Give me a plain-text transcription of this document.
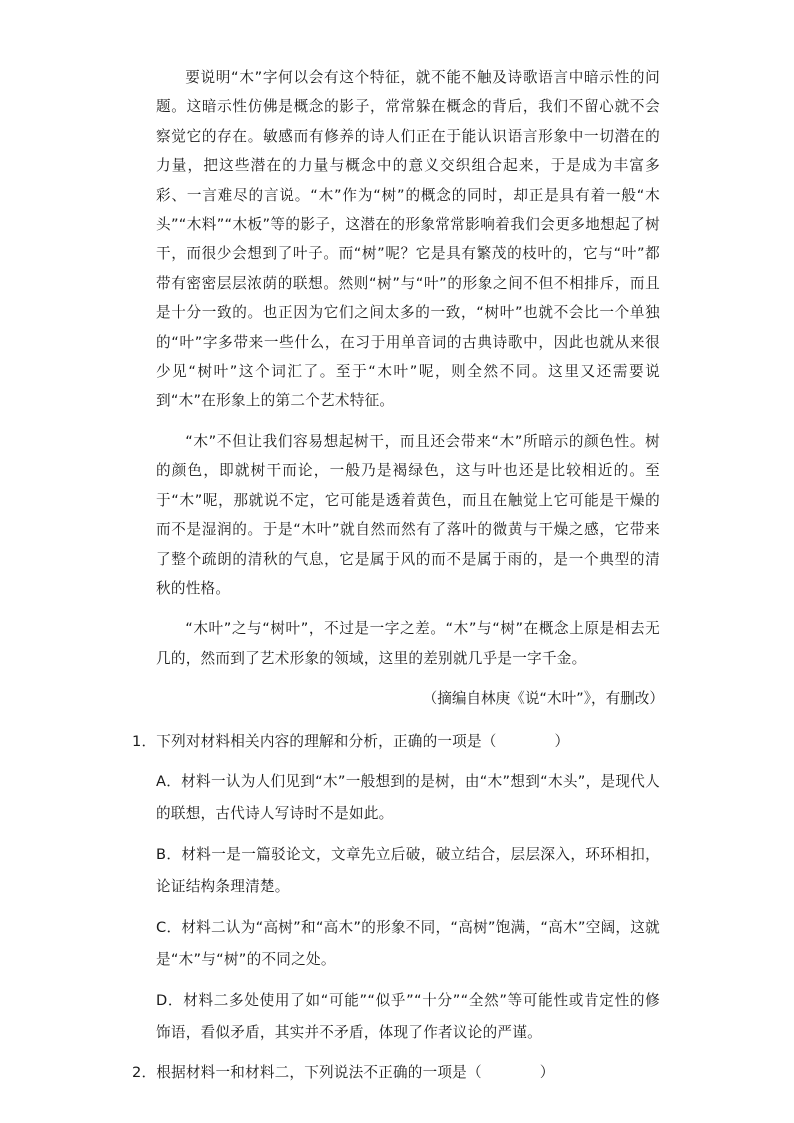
要说明“木”字何以会有这个特征，就不能不触及诗歌语言中暗示性的问题。这暗示性仿佛是概念的影子，常常躲在概念的背后，我们不留心就不会察觉它的存在。敏感而有修养的诗人们正在于能认识语言形象中一切潜在的力量，把这些潜在的力量与概念中的意义交织组合起来，于是成为丰富多彩、一言难尽的言说。“木”作为“树”的概念的同时，却正是具有着一般“木头”“木料”“木板”等的影子，这潜在的形象常常影响着我们会更多地想起了树干，而很少会想到了叶子。而“树”呢？它是具有繁茂的枝叶的，它与“叶”都带有密密层层浓荫的联想。然则“树”与“叶”的形象之间不但不相排斥，而且是十分一致的。也正因为它们之间太多的一致，“树叶”也就不会比一个单独的“叶”字多带来一些什么，在习于用单音词的古典诗歌中，因此也就从来很少见“树叶”这个词汇了。至于“木叶”呢，则全然不同。这里又还需要说到“木”在形象上的第二个艺术特征。

“木”不但让我们容易想起树干，而且还会带来“木”所暗示的颜色性。树的颜色，即就树干而论，一般乃是褐绿色，这与叶也还是比较相近的。至于“木”呢，那就说不定，它可能是透着黄色，而且在触觉上它可能是干燥的而不是湿润的。于是“木叶”就自然而然有了落叶的微黄与干燥之感，它带来了整个疏朗的清秋的气息，它是属于风的而不是属于雨的，是一个典型的清秋的性格。

“木叶”之与“树叶”，不过是一字之差。“木”与“树”在概念上原是相去无几的，然而到了艺术形象的领域，这里的差别就几乎是一字千金。

（摘编自林庚《说“木叶”》，有删改）
1．下列对材料相关内容的理解和分析，正确的一项是（	）
A．材料一认为人们见到“木”一般想到的是树，由“木”想到“木头”，是现代人的联想，古代诗人写诗时不是如此。
B．材料一是一篇驳论文，文章先立后破，破立结合，层层深入，环环相扣，论证结构条理清楚。
C．材料二认为“高树”和“高木”的形象不同，“高树”饱满，“高木”空阔，这就是“木”与“树”的不同之处。
D．材料二多处使用了如“可能”“似乎”“十分”“全然”等可能性或肯定性的修饰语，看似矛盾，其实并不矛盾，体现了作者议论的严谨。
2．根据材料一和材料二，下列说法不正确的一项是（	）
